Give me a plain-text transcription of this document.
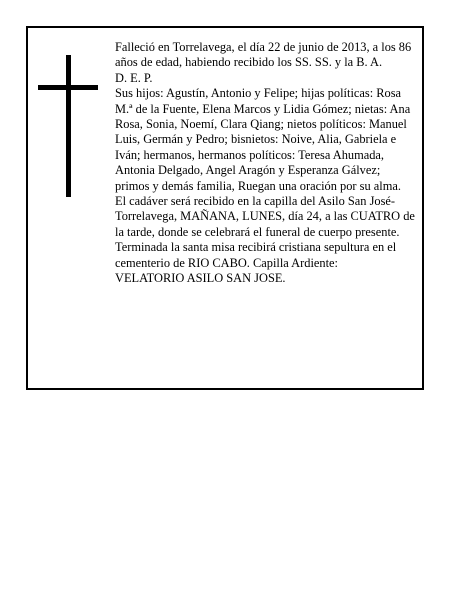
Falleció en Torrelavega, el día 22 de junio de 2013, a los 86 años de edad, habiendo recibido los SS. SS. y la B. A.

D. E. P.

Sus hijos: Agustín, Antonio y Felipe; hijas políticas: Rosa M.ª de la Fuente, Elena Marcos y Lidia Gómez; nietas: Ana Rosa, Sonia, Noemí, Clara Qiang; nietos políticos: Manuel Luis, Germán y Pedro; bisnietos: Noive, Alia, Gabriela e Iván; hermanos, hermanos políticos: Teresa Ahumada, Antonia Delgado, Angel Aragón y Esperanza Gálvez; primos y demás familia, Ruegan una oración por su alma. El cadáver será recibido en la capilla del Asilo San José-Torrelavega, MAÑANA, LUNES, día 24, a las CUATRO de la tarde, donde se celebrará el funeral de cuerpo presente. Terminada la santa misa recibirá cristiana sepultura en el cementerio de RIO CABO. Capilla Ardiente:

VELATORIO ASILO SAN JOSE.
